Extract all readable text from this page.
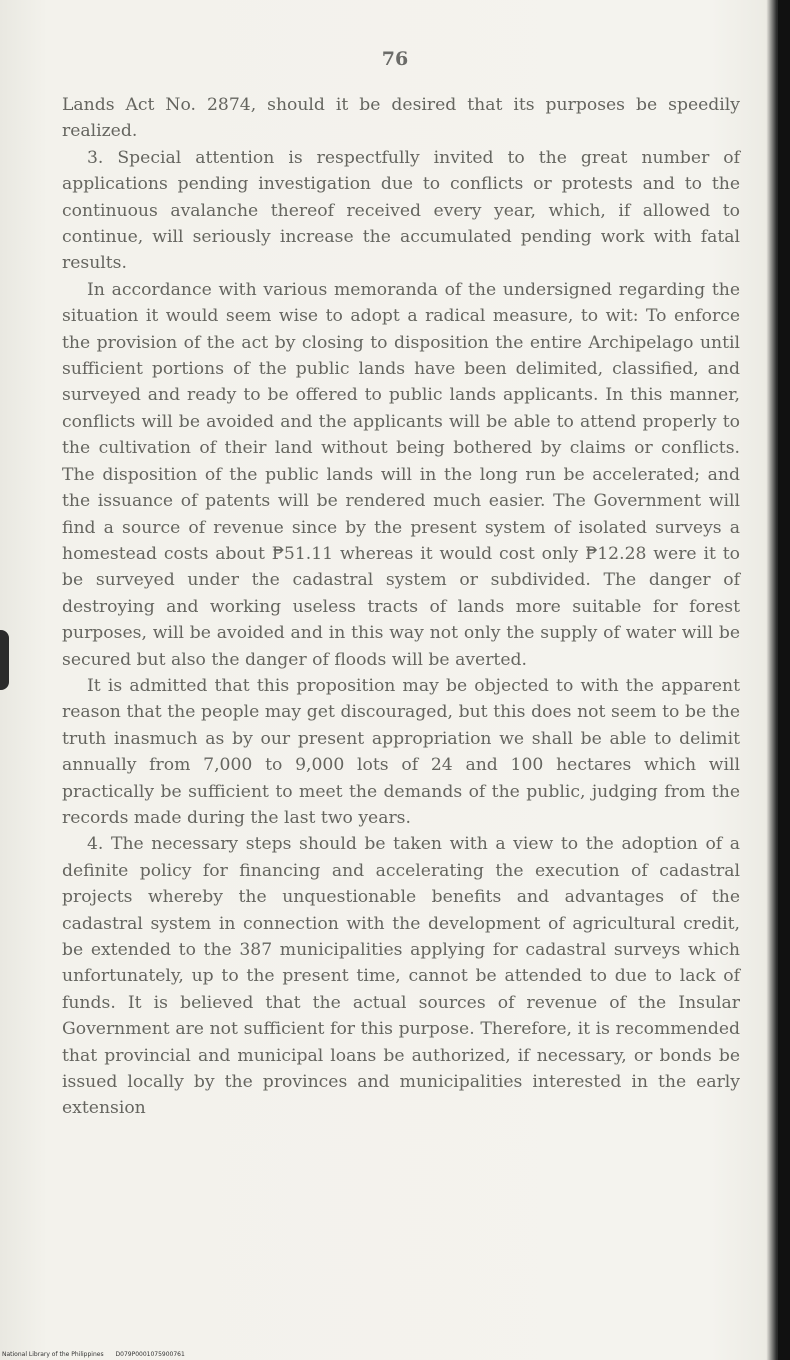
76

Lands Act No. 2874, should it be desired that its purposes be speedily realized.

3. Special attention is respectfully invited to the great number of applications pending investigation due to conflicts or protests and to the continuous avalanche thereof received every year, which, if allowed to continue, will seriously increase the accumulated pending work with fatal results.

In accordance with various memoranda of the undersigned regarding the situation it would seem wise to adopt a radical measure, to wit: To enforce the provision of the act by closing to disposition the entire Archipelago until sufficient portions of the public lands have been delimited, classified, and surveyed and ready to be offered to public lands applicants. In this manner, conflicts will be avoided and the applicants will be able to attend properly to the cultivation of their land without being bothered by claims or conflicts. The disposition of the public lands will in the long run be accelerated; and the issuance of patents will be rendered much easier. The Government will find a source of revenue since by the present system of isolated surveys a homestead costs about ₱51.11 whereas it would cost only ₱12.28 were it to be surveyed under the cadastral system or subdivided. The danger of destroying and working useless tracts of lands more suitable for forest purposes, will be avoided and in this way not only the supply of water will be secured but also the danger of floods will be averted.

It is admitted that this proposition may be objected to with the apparent reason that the people may get discouraged, but this does not seem to be the truth inasmuch as by our present appropriation we shall be able to delimit annually from 7,000 to 9,000 lots of 24 and 100 hectares which will practically be sufficient to meet the demands of the public, judging from the records made during the last two years.

4. The necessary steps should be taken with a view to the adoption of a definite policy for financing and accelerating the execution of cadastral projects whereby the unquestionable benefits and advantages of the cadastral system in connection with the development of agricultural credit, be extended to the 387 municipalities applying for cadastral surveys which unfortunately, up to the present time, cannot be attended to due to lack of funds. It is believed that the actual sources of revenue of the Insular Government are not sufficient for this purpose. Therefore, it is recommended that provincial and municipal loans be authorized, if necessary, or bonds be issued locally by the provinces and municipalities interested in the early extension

National Library of the Philippines D079P0001075900761
